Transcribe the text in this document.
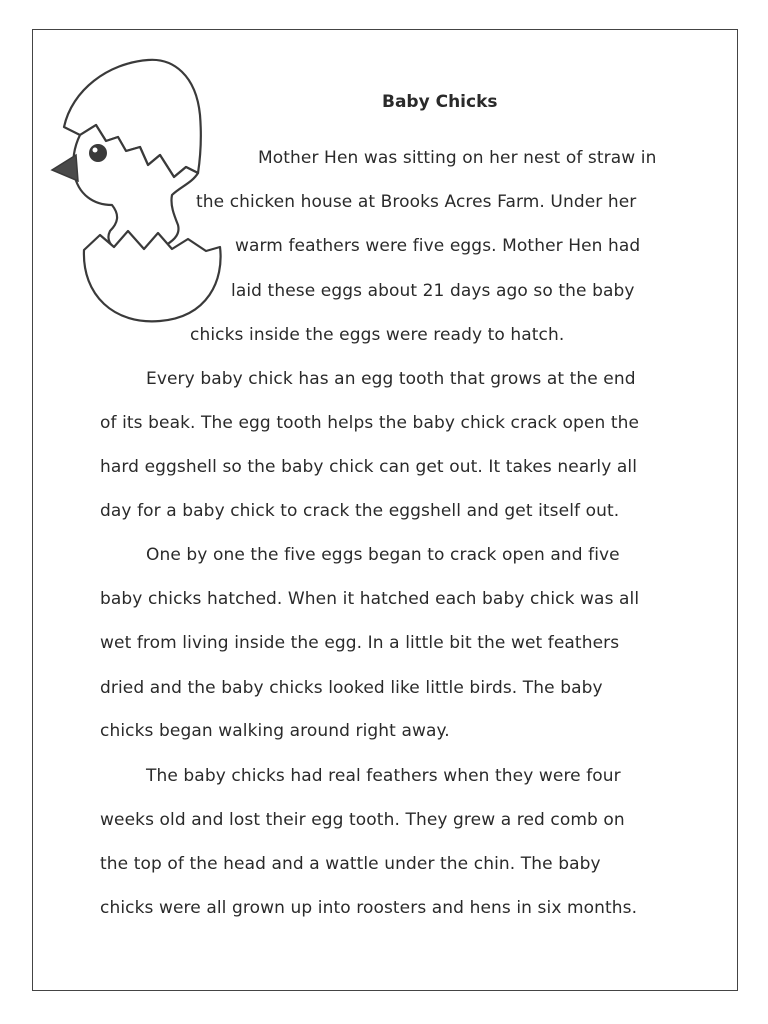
Baby Chicks
Mother Hen was sitting on her nest of straw in
the chicken house at Brooks Acres Farm. Under her
warm feathers were five eggs. Mother Hen had
laid these eggs about 21 days ago so the baby
chicks inside the eggs were ready to hatch.
Every baby chick has an egg tooth that grows at the end
of its beak. The egg tooth helps the baby chick crack open the
hard eggshell so the baby chick can get out. It takes nearly all
day for a baby chick to crack the eggshell and get itself out.
One by one the five eggs began to crack open and five
baby chicks hatched. When it hatched each baby chick was all
wet from living inside the egg. In a little bit the wet feathers
dried and the baby chicks looked like little birds. The baby
chicks began walking around right away.
The baby chicks had real feathers when they were four
weeks old and lost their egg tooth. They grew a red comb on
the top of the head and a wattle under the chin. The baby
chicks were all grown up into roosters and hens in six months.
